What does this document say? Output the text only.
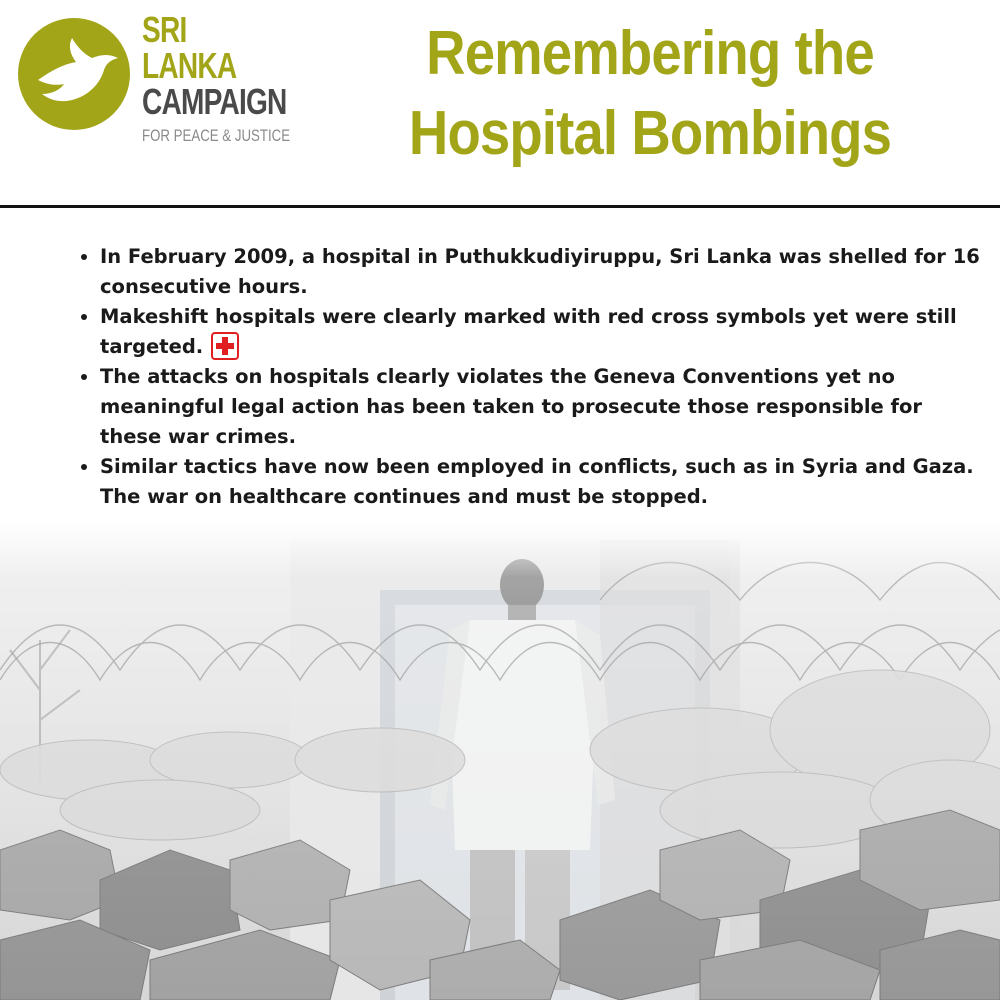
SRI
LANKA
CAMPAIGN
FOR PEACE & JUSTICE
Remembering the
Hospital Bombings
• In February 2009, a hospital in Puthukkudiyiruppu, Sri Lanka was shelled for 16 consecutive hours.
• Makeshift hospitals were clearly marked with red cross symbols yet were still targeted.
• The attacks on hospitals clearly violates the Geneva Conventions yet no meaningful legal action has been taken to prosecute those responsible for these war crimes.
• Similar tactics have now been employed in conflicts, such as in Syria and Gaza. The war on healthcare continues and must be stopped.
